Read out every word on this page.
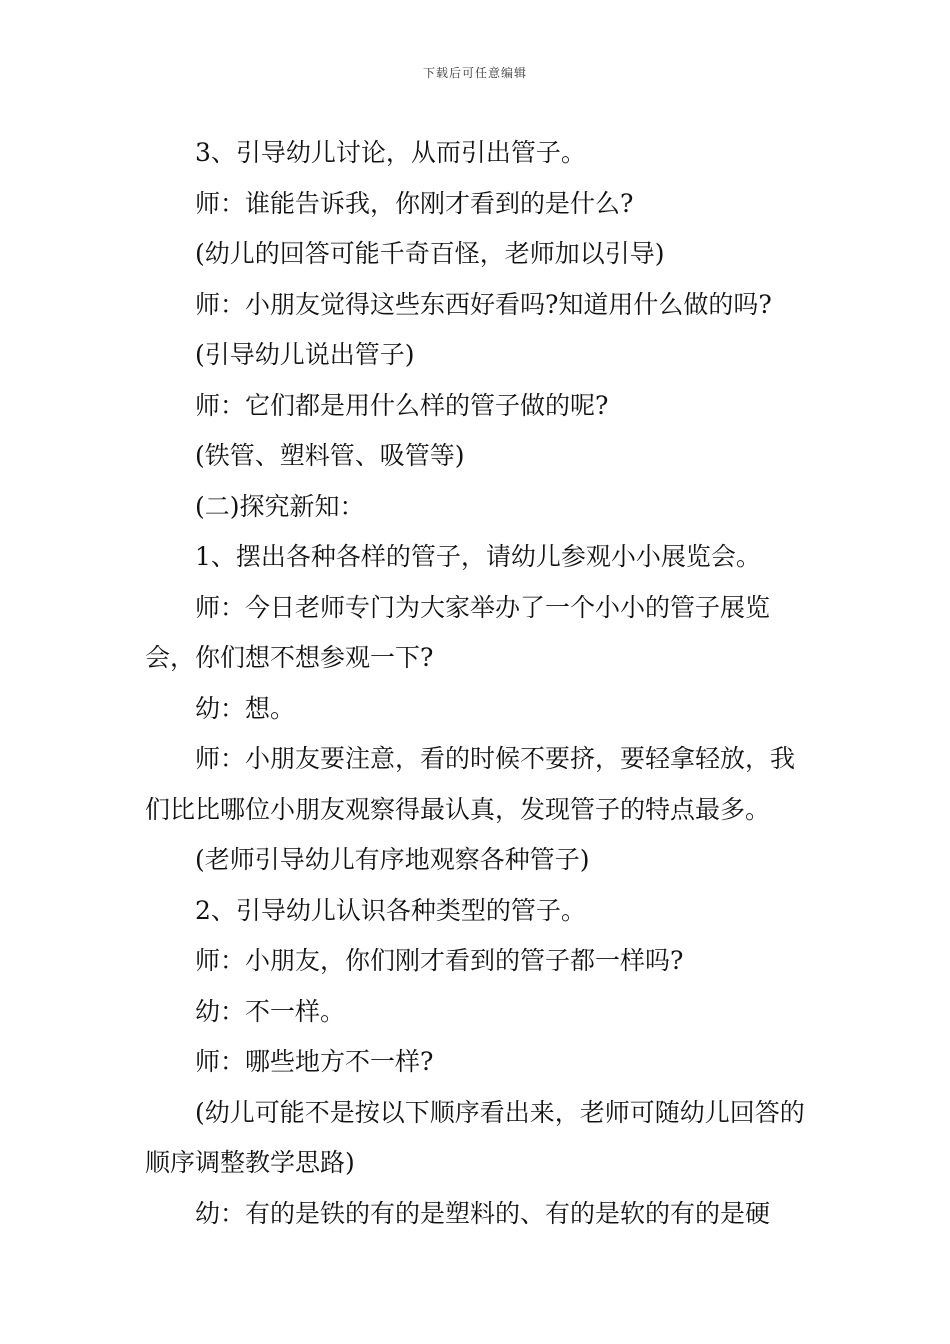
下载后可任意编辑

3、引导幼儿讨论，从而引出管子。

师：谁能告诉我，你刚才看到的是什么?

(幼儿的回答可能千奇百怪，老师加以引导)

师：小朋友觉得这些东西好看吗?知道用什么做的吗?

(引导幼儿说出管子)

师：它们都是用什么样的管子做的呢?

(铁管、塑料管、吸管等)

(二)探究新知：

1、摆出各种各样的管子，请幼儿参观小小展览会。

师：今日老师专门为大家举办了一个小小的管子展览会，你们想不想参观一下?

幼：想。

师：小朋友要注意，看的时候不要挤，要轻拿轻放，我们比比哪位小朋友观察得最认真，发现管子的特点最多。

(老师引导幼儿有序地观察各种管子)

2、引导幼儿认识各种类型的管子。

师：小朋友，你们刚才看到的管子都一样吗?

幼：不一样。

师：哪些地方不一样?

(幼儿可能不是按以下顺序看出来，老师可随幼儿回答的顺序调整教学思路)

幼：有的是铁的有的是塑料的、有的是软的有的是硬
